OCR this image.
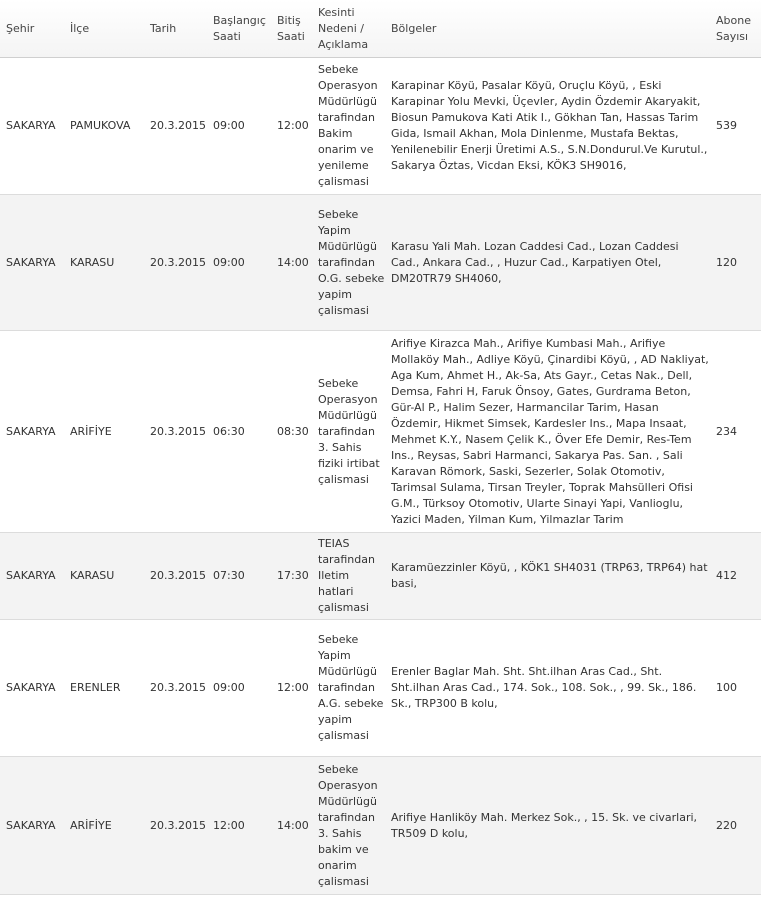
Şehir	İlçe	Tarih	Başlangıç Saati	Bitiş Saati	Kesinti Nedeni / Açıklama	Bölgeler	Abone Sayısı
SAKARYA	PAMUKOVA	20.3.2015	09:00	12:00	Sebeke Operasyon Müdürlügü tarafindan Bakim onarim ve yenileme çalismasi	Karapinar Köyü, Pasalar Köyü, Oruçlu Köyü, , Eski Karapinar Yolu Mevki, Üçevler, Aydin Özdemir Akaryakit, Biosun Pamukova Kati Atik I., Gökhan Tan, Hassas Tarim Gida, Ismail Akhan, Mola Dinlenme, Mustafa Bektas, Yenilenebilir Enerji Üretimi A.S., S.N.Dondurul.Ve Kurutul., Sakarya Öztas, Vicdan Eksi, KÖK3 SH9016,	539
SAKARYA	KARASU	20.3.2015	09:00	14:00	Sebeke Yapim Müdürlügü tarafindan O.G. sebeke yapim çalismasi	Karasu Yali Mah. Lozan Caddesi Cad., Lozan Caddesi Cad., Ankara Cad., , Huzur Cad., Karpatiyen Otel, DM20TR79 SH4060,	120
SAKARYA	ARİFİYE	20.3.2015	06:30	08:30	Sebeke Operasyon Müdürlügü tarafindan 3. Sahis fiziki irtibat çalismasi	Arifiye Kirazca Mah., Arifiye Kumbasi Mah., Arifiye Mollaköy Mah., Adliye Köyü, Çinardibi Köyü, , AD Nakliyat, Aga Kum, Ahmet H., Ak-Sa, Ats Gayr., Cetas Nak., Dell, Demsa, Fahri H, Faruk Önsoy, Gates, Gurdrama Beton, Gür-Al P., Halim Sezer, Harmancilar Tarim, Hasan Özdemir, Hikmet Simsek, Kardesler Ins., Mapa Insaat, Mehmet K.Y., Nasem Çelik K., Över Efe Demir, Res-Tem Ins., Reysas, Sabri Harmanci, Sakarya Pas. San. , Sali Karavan Römork, Saski, Sezerler, Solak Otomotiv, Tarimsal Sulama, Tirsan Treyler, Toprak Mahsülleri Ofisi G.M., Türksoy Otomotiv, Ularte Sinayi Yapi, Vanlioglu, Yazici Maden, Yilman Kum, Yilmazlar Tarim	234
SAKARYA	KARASU	20.3.2015	07:30	17:30	TEIAS tarafindan Iletim hatlari çalismasi	Karamüezzinler Köyü, , KÖK1 SH4031 (TRP63, TRP64) hat basi,	412
SAKARYA	ERENLER	20.3.2015	09:00	12:00	Sebeke Yapim Müdürlügü tarafindan A.G. sebeke yapim çalismasi	Erenler Baglar Mah. Sht. Sht.ilhan Aras Cad., Sht. Sht.ilhan Aras Cad., 174. Sok., 108. Sok., , 99. Sk., 186. Sk., TRP300 B kolu,	100
SAKARYA	ARİFİYE	20.3.2015	12:00	14:00	Sebeke Operasyon Müdürlügü tarafindan 3. Sahis bakim ve onarim çalismasi	Arifiye Hanliköy Mah. Merkez Sok., , 15. Sk. ve civarlari, TR509 D kolu,	220
